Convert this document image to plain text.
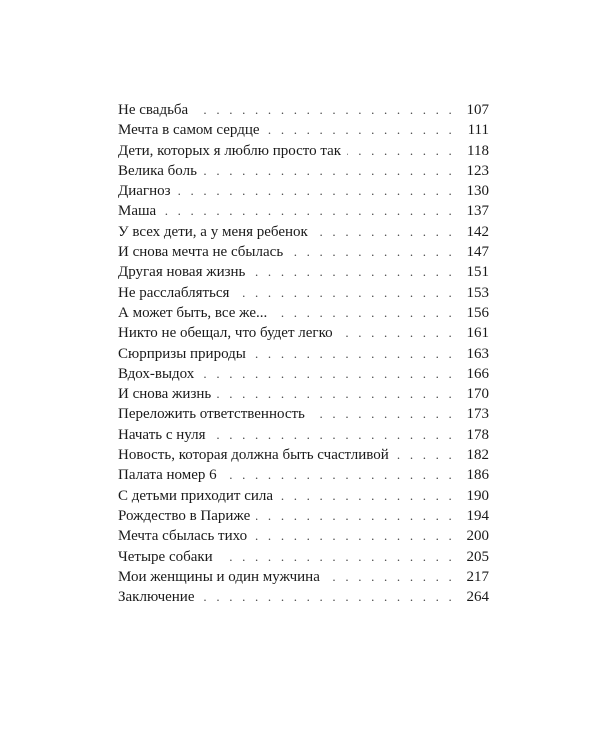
Не свадьба . . .	107
Мечта в самом сердце . . .	111
Дети, которых я люблю просто так . . .	118
Велика боль . . .	123
Диагноз . . .	130
Маша . . .	137
У всех дети, а у меня ребенок . . .	142
И снова мечта не сбылась . . .	147
Другая новая жизнь . . .	151
Не расслабляться . . .	153
А может быть, все же... . . .	156
Никто не обещал, что будет легко . . .	161
Сюрпризы природы . . .	163
Вдох-выдох . . .	166
И снова жизнь . . .	170
Переложить ответственность . . .	173
Начать с нуля . . .	178
Новость, которая должна быть счастливой . . .	182
Палата номер 6 . . .	186
С детьми приходит сила . . .	190
Рождество в Париже . . .	194
Мечта сбылась тихо . . .	200
Четыре собаки . . .	205
Мои женщины и один мужчина . . .	217
Заключение . . .	264
